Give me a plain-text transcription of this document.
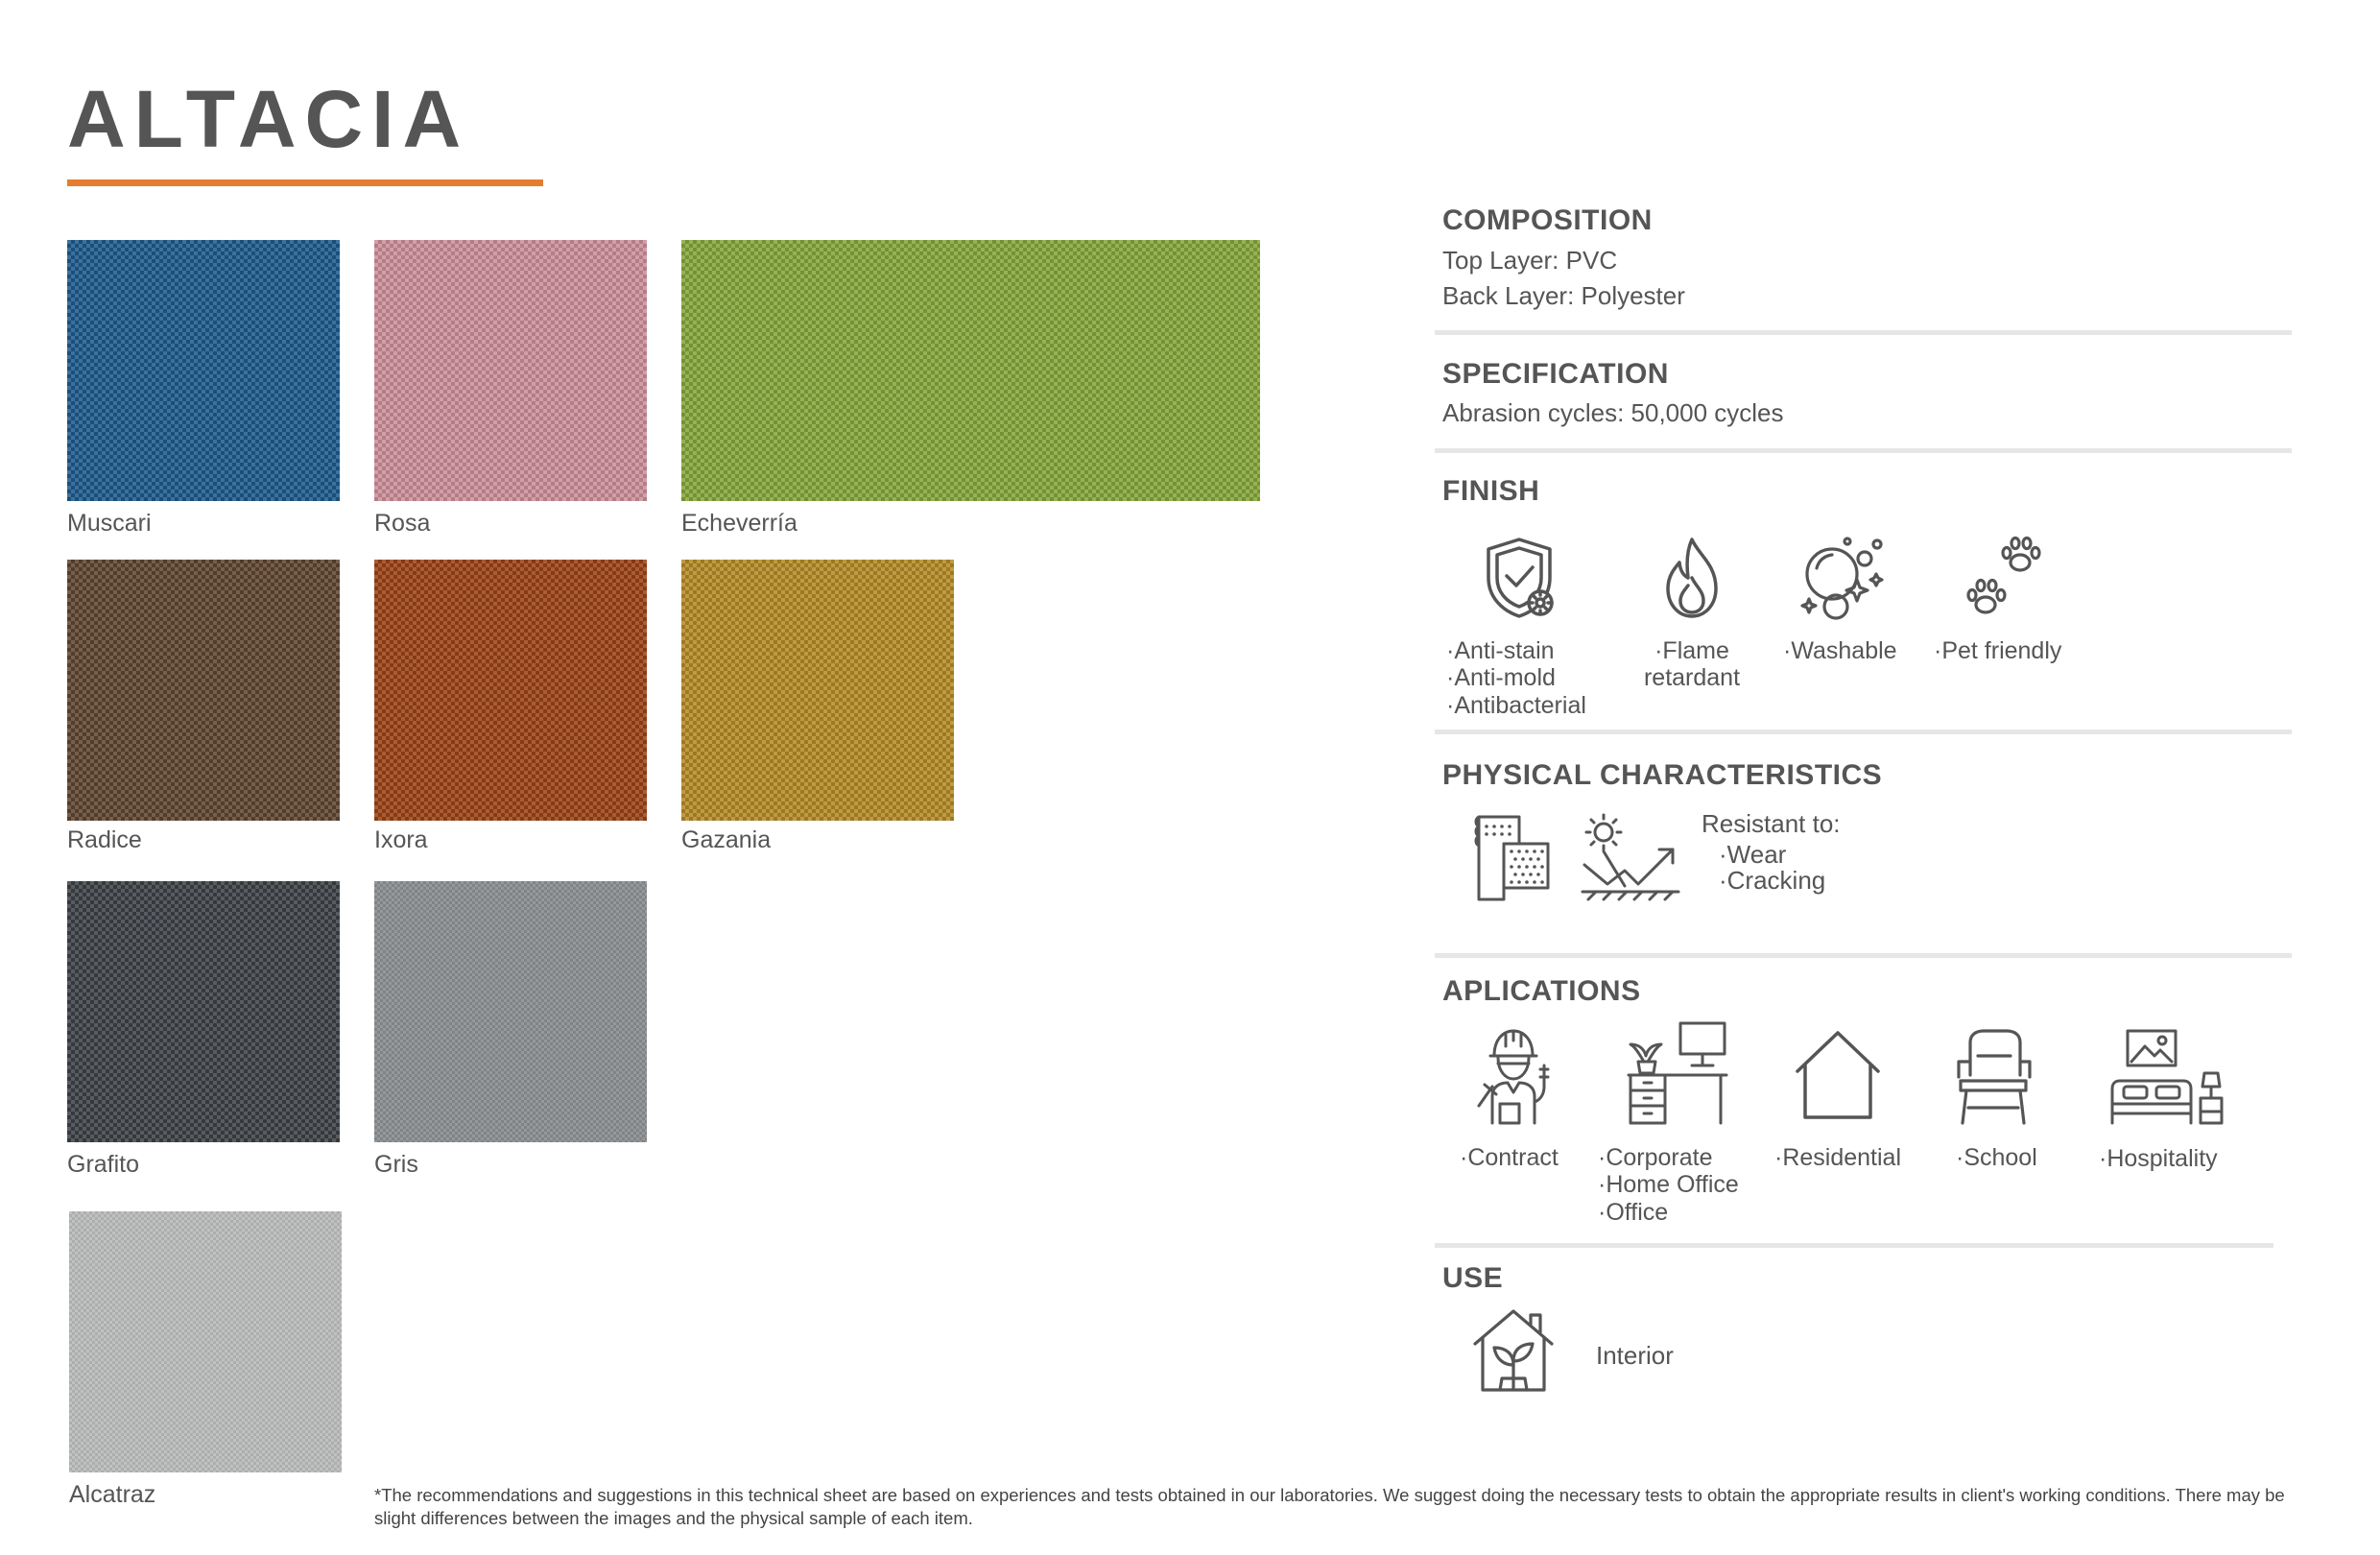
ALTACIA
Muscari	Rosa	Echeverría
Radice	Ixora	Gazania
Grafito	Gris
Alcatraz
COMPOSITION
Top Layer: PVC
Back Layer: Polyester
SPECIFICATION
Abrasion cycles: 50,000 cycles
FINISH
·Anti-stain
·Anti-mold
·Antibacterial
·Flame
retardant
·Washable ·Pet friendly
PHYSICAL CHARACTERISTICS
Resistant to:
·Wear
·Cracking
APLICATIONS
·Contract ·Corporate
·Home Office
·Office
·Residential ·School	·Hospitality
USE
Interior
*The recommendations and suggestions in this technical sheet are based on experiences and tests obtained in our laboratories. We suggest doing the necessary tests to obtain the appropriate results in client's working conditions. There may be slight differences between the images and the physical sample of each item.
